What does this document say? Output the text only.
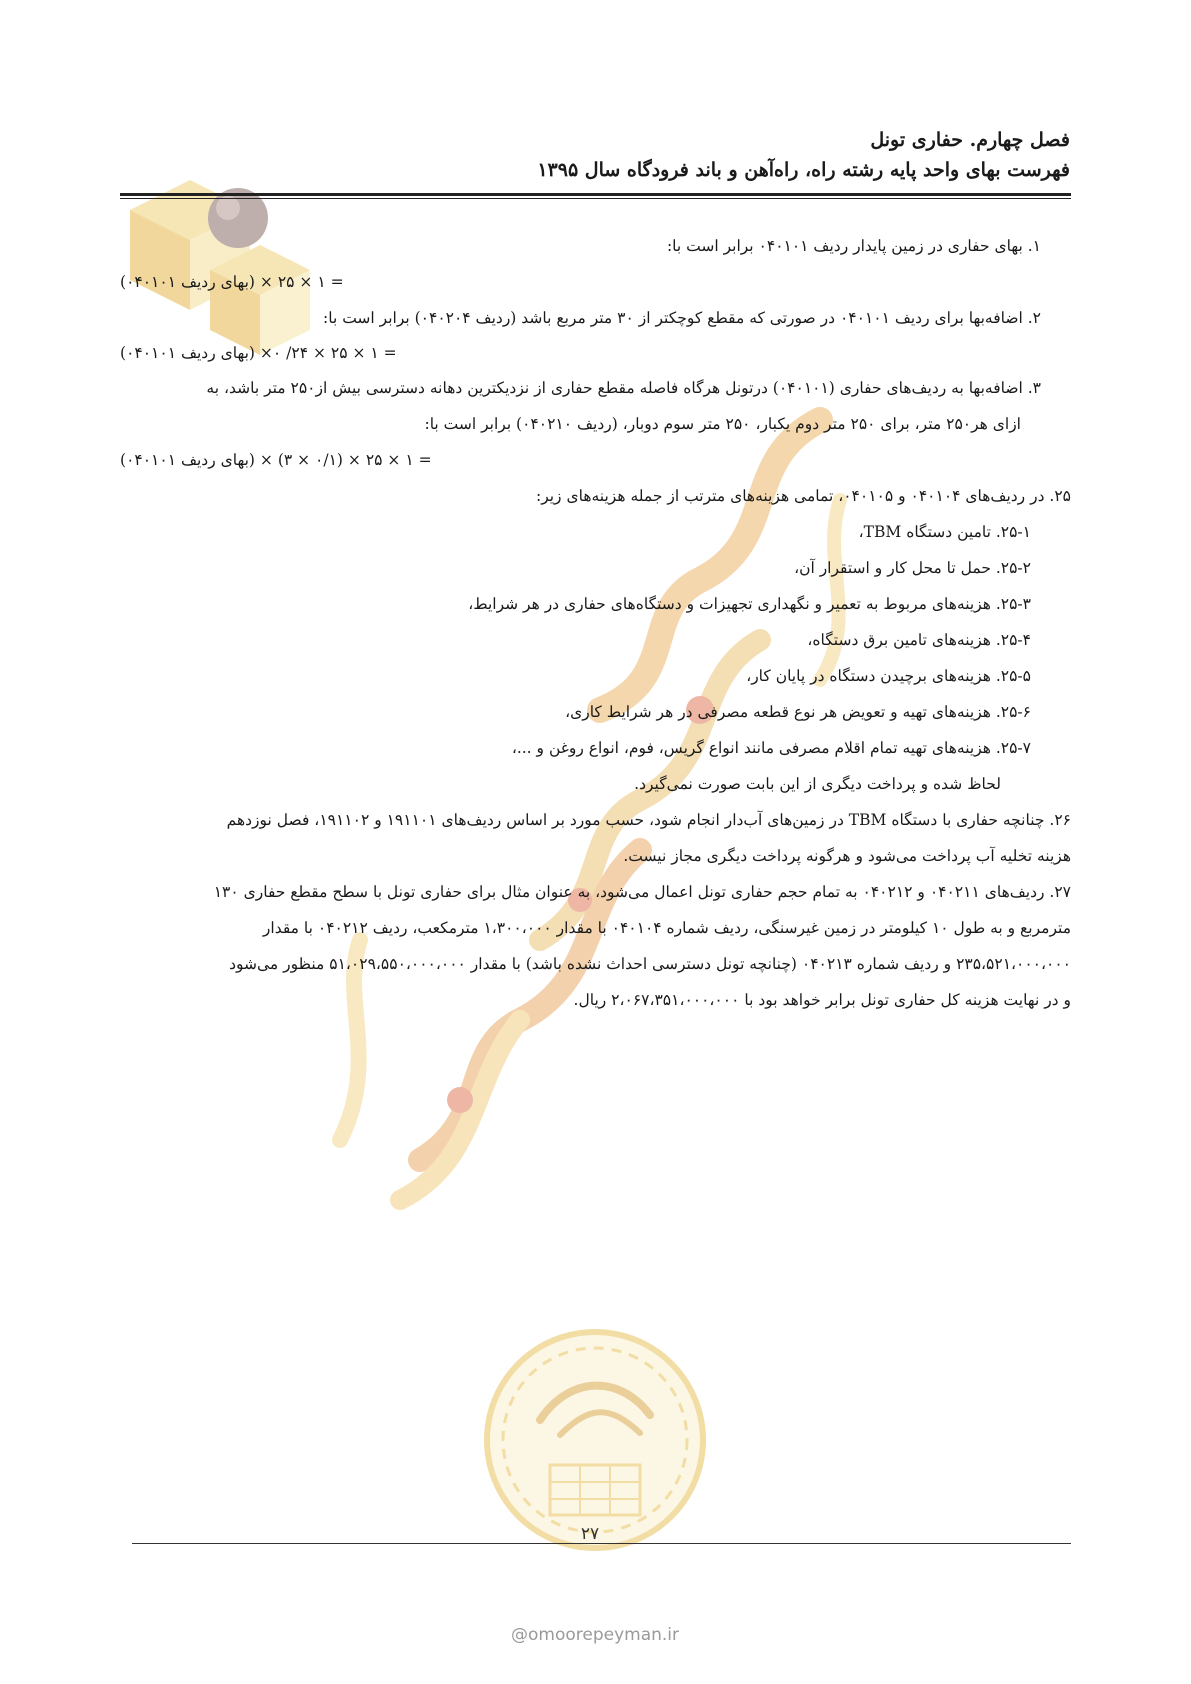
فصل چهارم. حفاری تونل
فهرست بهای واحد پایه رشته راه، راه‌آهن و باند فرودگاه سال ۱۳۹۵
۱. بهای حفاری در زمین پایدار ردیف ۰۴۰۱۰۱ برابر است با:
= ۱ × ۲۵ × (بهای ردیف ۰۴۰۱۰۱)
۲. اضافه‌بها برای ردیف ۰۴۰۱۰۱ در صورتی که مقطع کوچکتر از ۳۰ متر مربع باشد (ردیف ۰۴۰۲۰۴) برابر است با:
= ۱ × ۲۵ × ۲۴/ ۰× (بهای ردیف ۰۴۰۱۰۱)
۳. اضافه‌بها به ردیف‌های حفاری (۰۴۰۱۰۱) درتونل هرگاه فاصله مقطع حفاری از نزدیکترین دهانه دسترسی بیش از۲۵۰ متر باشد، به
ازای هر۲۵۰ متر، برای ۲۵۰ متر دوم یکبار، ۲۵۰ متر سوم دوبار، (ردیف ۰۴۰۲۱۰) برابر است با:
= ۱ × ۲۵ × (۰/۱ × ۳) × (بهای ردیف ۰۴۰۱۰۱)
۲۵. در ردیف‌های ۰۴۰۱۰۴ و ۰۴۰۱۰۵، تمامی هزینه‌های مترتب از جمله هزینه‌های زیر:
۲۵-۱. تامین دستگاه TBM،
۲۵-۲. حمل تا محل کار و استقرار آن،
۲۵-۳. هزینه‌های مربوط به تعمیر و نگهداری تجهیزات و دستگاه‌های حفاری در هر شرایط،
۲۵-۴. هزینه‌های تامین برق دستگاه،
۲۵-۵. هزینه‌های برچیدن دستگاه در پایان کار،
۲۵-۶. هزینه‌های تهیه و تعویض هر نوع قطعه مصرفی در هر شرایط کاری،
۲۵-۷. هزینه‌های تهیه تمام اقلام مصرفی مانند انواع گریس، فوم، انواع روغن و ...،
لحاظ شده و پرداخت دیگری از این بابت صورت نمی‌گیرد.
۲۶. چنانچه حفاری با دستگاه TBM در زمین‌های آب‌دار انجام شود، حسب مورد بر اساس ردیف‌های ۱۹۱۱۰۱ و ۱۹۱۱۰۲، فصل نوزدهم
هزینه تخلیه آب پرداخت می‌شود و هرگونه پرداخت دیگری مجاز نیست.
۲۷. ردیف‌های ۰۴۰۲۱۱ و ۰۴۰۲۱۲ به تمام حجم حفاری تونل اعمال می‌شود، به عنوان مثال برای حفاری تونل با سطح مقطع حفاری ۱۳۰
مترمربع و به طول ۱۰ کیلومتر در زمین غیرسنگی، ردیف شماره ۰۴۰۱۰۴ با مقدار ۱،۳۰۰،۰۰۰ مترمکعب، ردیف ۰۴۰۲۱۲ با مقدار
۲۳۵،۵۲۱،۰۰۰،۰۰۰ و ردیف شماره ۰۴۰۲۱۳ (چنانچه تونل دسترسی احداث نشده باشد) با مقدار ۵۱،۰۲۹،۵۵۰،۰۰۰،۰۰۰ منظور می‌شود
و در نهایت هزینه کل حفاری تونل برابر خواهد بود با ۲،۰۶۷،۳۵۱،۰۰۰،۰۰۰ ریال.
۲۷
@omoorepeyman.ir
